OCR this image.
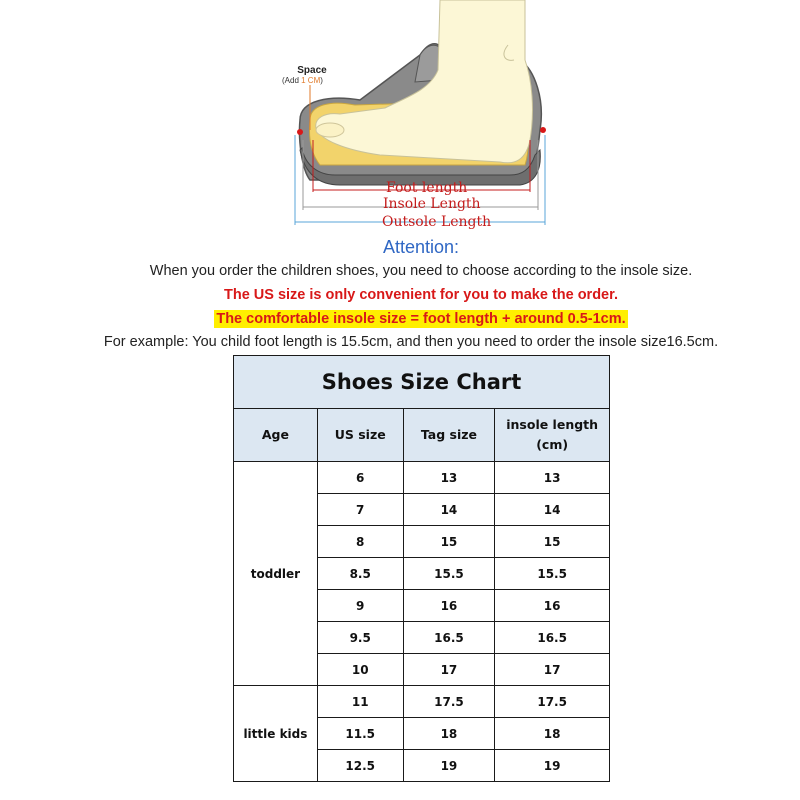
Space
(Add 1 CM)
Foot length
Insole Length
Outsole Length
Attention:
When you order the children shoes, you need to choose according to the insole size.
The US size is only convenient for you to make the order.
The comfortable insole size = foot length + around 0.5-1cm.
For example: You child foot length is 15.5cm, and then you need to order the insole size16.5cm.
Shoes Size Chart			
Age	US size	Tag size	insole length
(cm)
toddler	6	13	13
	7	14	14
	8	15	15
	8.5	15.5	15.5
	9	16	16
	9.5	16.5	16.5
	10	17	17
little kids	11	17.5	17.5
	11.5	18	18
	12.5	19	19
